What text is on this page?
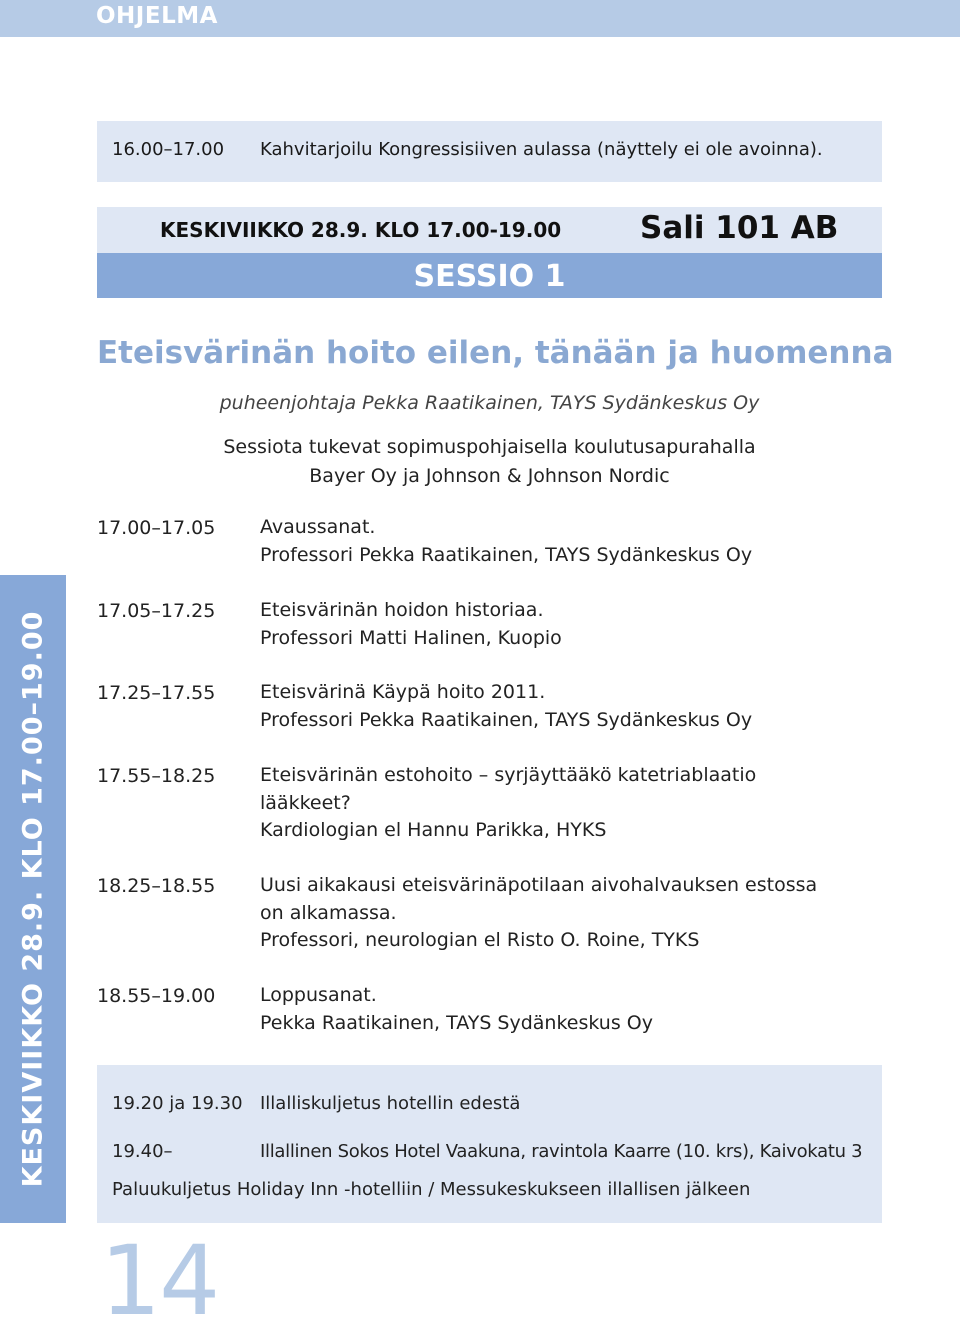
OHJELMA
16.00–17.00 Kahvitarjoilu Kongressisiiven aulassa (näyttely ei ole avoinna).
KESKIVIIKKO 28.9. KLO 17.00-19.00	Sali 101 AB
SESSIO 1
Eteisvärinän hoito eilen, tänään ja huomenna
puheenjohtaja Pekka Raatikainen, TAYS Sydänkeskus Oy
Sessiota tukevat sopimuspohjaisella koulutusapurahalla
Bayer Oy ja Johnson & Johnson Nordic
KESKIVIIKKO 28.9. KLO 17.00–19.00
17.00–17.05 Avaussanat.
Professori Pekka Raatikainen, TAYS Sydänkeskus Oy
17.05–17.25 Eteisvärinän hoidon historiaa.
Professori Matti Halinen, Kuopio
17.25–17.55 Eteisvärinä Käypä hoito 2011.
Professori Pekka Raatikainen, TAYS Sydänkeskus Oy
17.55–18.25 Eteisvärinän estohoito – syrjäyttääkö katetriablaatio
lääkkeet?
Kardiologian el Hannu Parikka, HYKS
18.25–18.55 Uusi aikakausi eteisvärinäpotilaan aivohalvauksen estossa
on alkamassa.
Professori, neurologian el Risto O. Roine, TYKS
18.55–19.00 Loppusanat.
Pekka Raatikainen, TAYS Sydänkeskus Oy
19.20 ja 19.30 Illalliskuljetus hotellin edestä
19.40–	Illallinen Sokos Hotel Vaakuna, ravintola Kaarre (10. krs), Kaivokatu 3
Paluukuljetus Holiday Inn -hotelliin / Messukeskukseen illallisen jälkeen
14
